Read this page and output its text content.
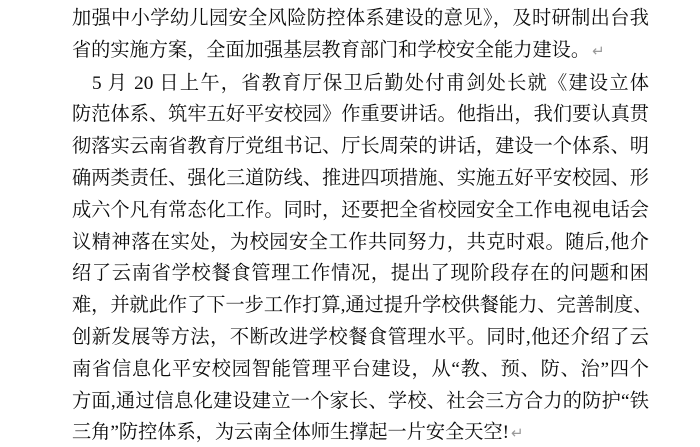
加强中小学幼儿园安全风险防控体系建设的意见》，及时研制出台我
省的实施方案，全面加强基层教育部门和学校安全能力建设。 ↵
5 月 20 日上午，省教育厅保卫后勤处付甫剑处长就《建设立体
防范体系、筑牢五好平安校园》作重要讲话。他指出，我们要认真贯
彻落实云南省教育厅党组书记、厅长周荣的讲话，建设一个体系、明
确两类责任、强化三道防线、推进四项措施、实施五好平安校园、形
成六个凡有常态化工作。同时，还要把全省校园安全工作电视电话会
议精神落在实处，为校园安全工作共同努力，共克时艰。随后,他介
绍了云南省学校餐食管理工作情况，提出了现阶段存在的问题和困
难，并就此作了下一步工作打算,通过提升学校供餐能力、完善制度、
创新发展等方法，不断改进学校餐食管理水平。同时,他还介绍了云
南省信息化平安校园智能管理平台建设，从“教、预、防、治”四个
方面,通过信息化建设建立一个家长、学校、社会三方合力的防护“铁
三角”防控体系，为云南全体师生撑起一片安全天空! ↵
